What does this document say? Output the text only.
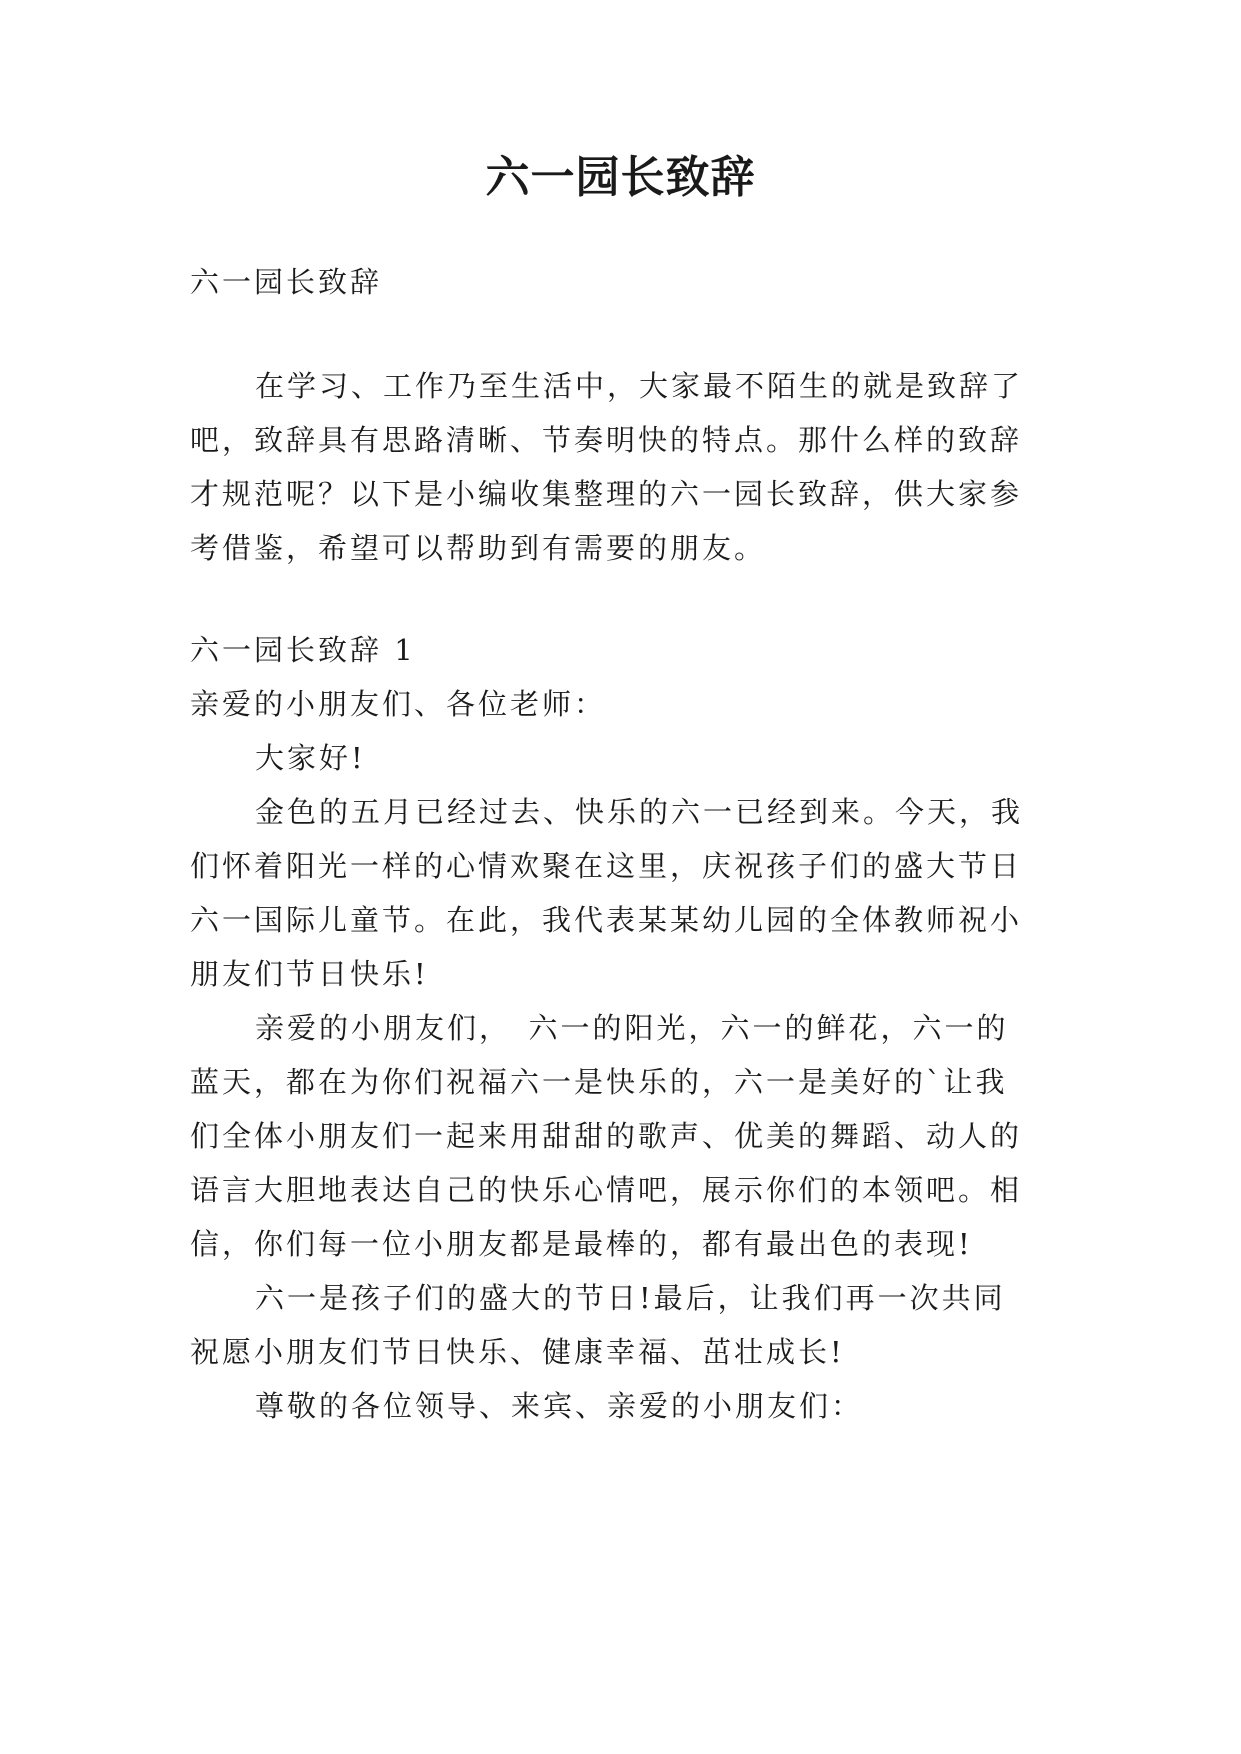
六一园长致辞

六一园长致辞

在学习、工作乃至生活中，大家最不陌生的就是致辞了

吧，致辞具有思路清晰、节奏明快的特点。那什么样的致辞

才规范呢？以下是小编收集整理的六一园长致辞，供大家参

考借鉴，希望可以帮助到有需要的朋友。

六一园长致辞 1

亲爱的小朋友们、各位老师：

大家好!

金色的五月已经过去、快乐的六一已经到来。今天，我

们怀着阳光一样的心情欢聚在这里，庆祝孩子们的盛大节日

六一国际儿童节。在此，我代表某某幼儿园的全体教师祝小

朋友们节日快乐!

亲爱的小朋友们，　六一的阳光，六一的鲜花，六一的

蓝天，都在为你们祝福六一是快乐的，六一是美好的`让我

们全体小朋友们一起来用甜甜的歌声、优美的舞蹈、动人的

语言大胆地表达自己的快乐心情吧，展示你们的本领吧。相

信，你们每一位小朋友都是最棒的，都有最出色的表现!

六一是孩子们的盛大的节日!最后，让我们再一次共同

祝愿小朋友们节日快乐、健康幸福、茁壮成长!

尊敬的各位领导、来宾、亲爱的小朋友们：
